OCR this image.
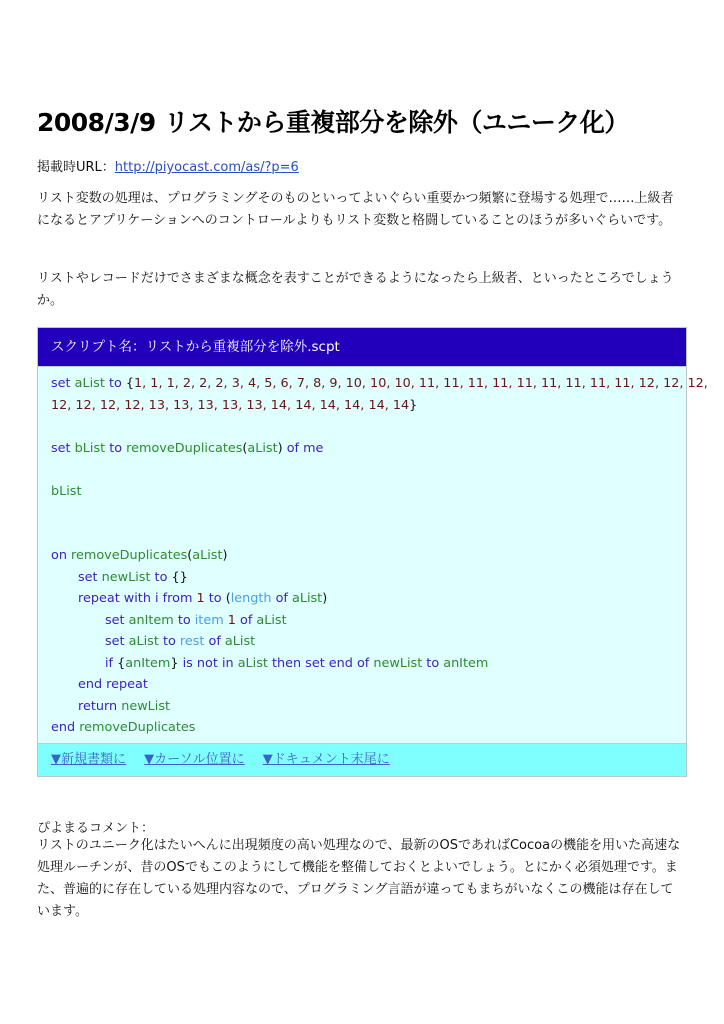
2008/3/9 リストから重複部分を除外（ユニーク化）
掲載時URL：http://piyocast.com/as/?p=6

リスト変数の処理は、プログラミングそのものといってよいぐらい重要かつ頻繁に登場する処理で……上級者になるとアプリケーションへのコントロールよりもリスト変数と格闘していることのほうが多いぐらいです。

リストやレコードだけでさまざまな概念を表すことができるようになったら上級者、といったところでしょうか。

スクリプト名：リストから重複部分を除外.scpt
set aList to {1, 1, 1, 2, 2, 2, 3, 4, 5, 6, 7, 8, 9, 10, 10, 10, 11, 11, 11, 11, 11, 11, 11, 11, 11, 12, 12, 12,
12, 12, 12, 12, 13, 13, 13, 13, 13, 14, 14, 14, 14, 14, 14}
set bList to removeDuplicates(aList) of me
bList
on removeDuplicates(aList)
set newList to {}
repeat with i from 1 to (length of aList)
set anItem to item 1 of aList
set aList to rest of aList
if {anItem} is not in aList then set end of newList to anItem
end repeat
return newList
end removeDuplicates
▼新規書類に ▼カーソル位置に ▼ドキュメント末尾に
ぴよまるコメント：

リストのユニーク化はたいへんに出現頻度の高い処理なので、最新のOSであればCocoaの機能を用いた高速な処理ルーチンが、昔のOSでもこのようにして機能を整備しておくとよいでしょう。とにかく必須処理です。また、普遍的に存在している処理内容なので、プログラミング言語が違ってもまちがいなくこの機能は存在しています。
